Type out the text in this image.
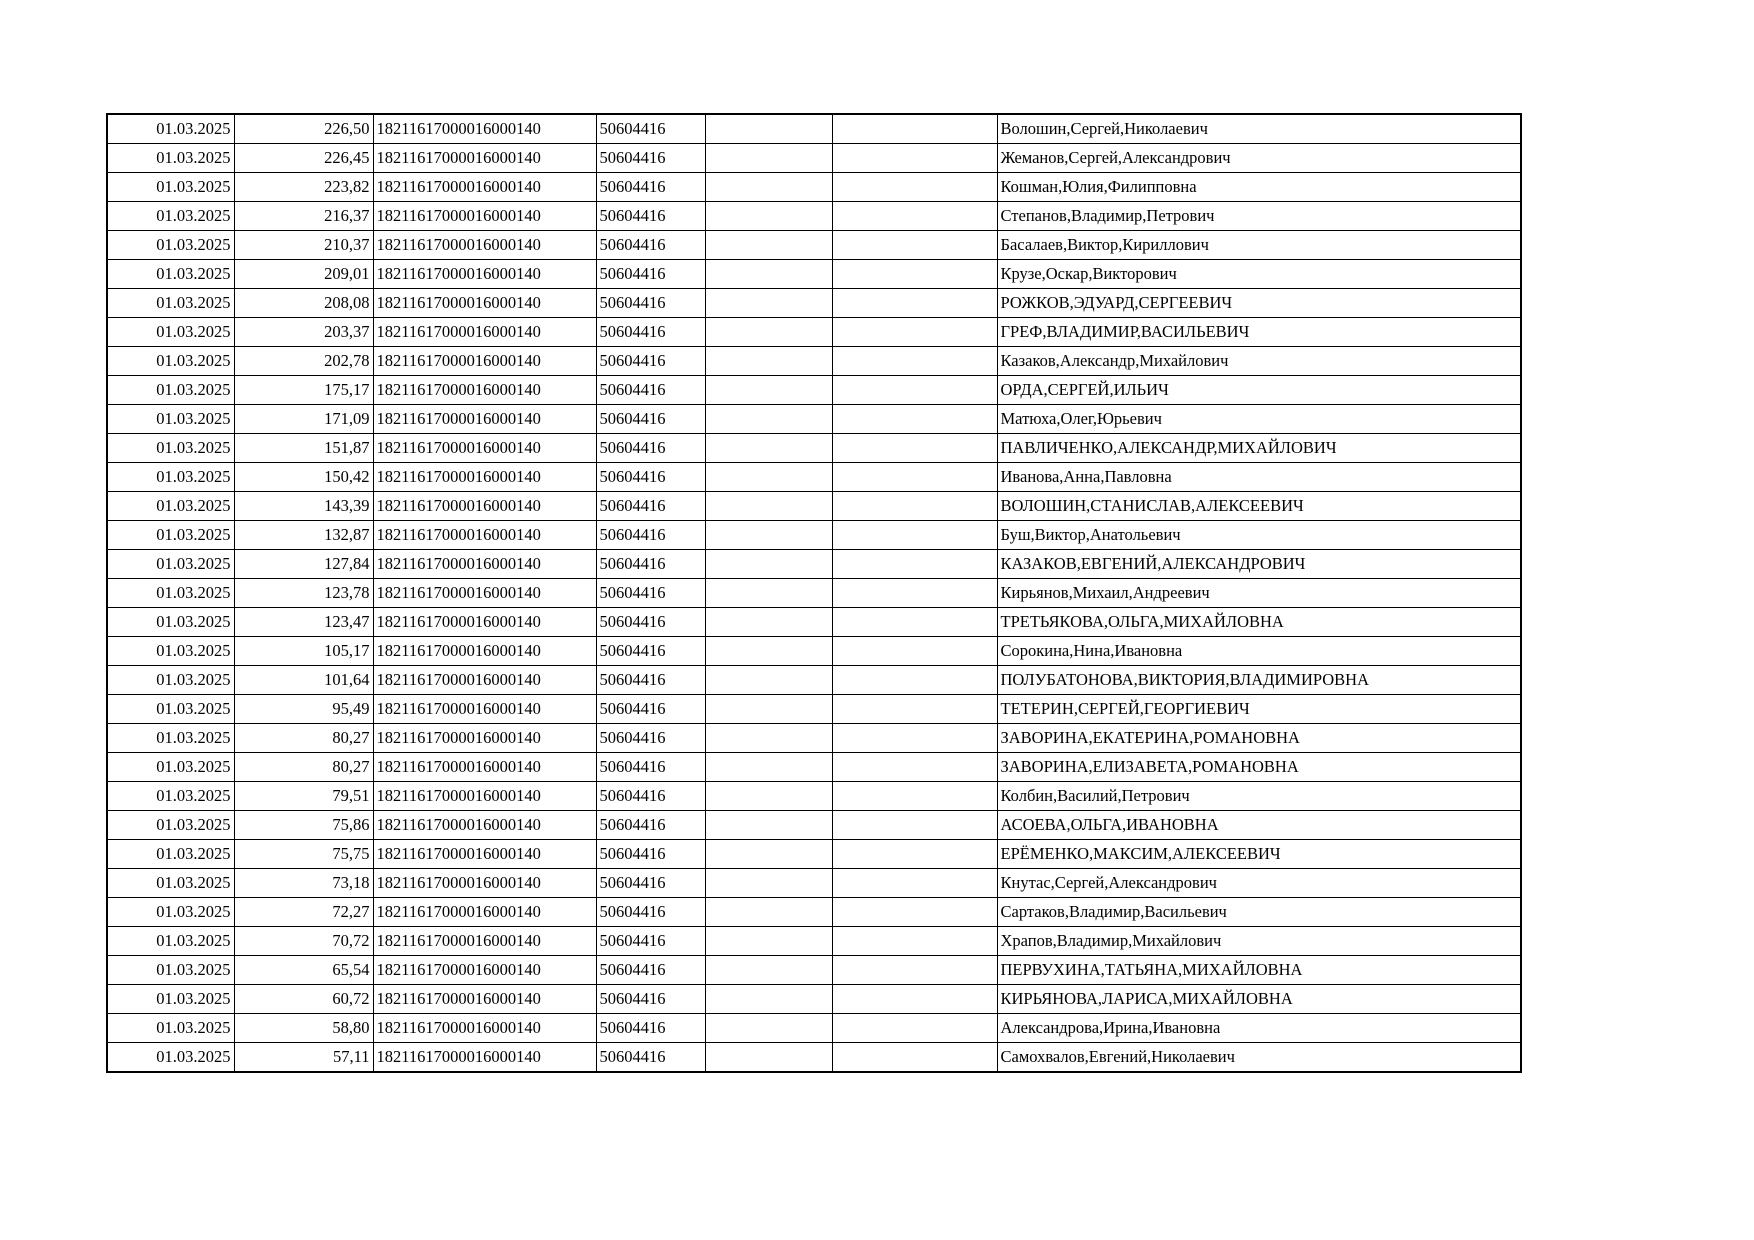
01.03.2025	226,50	18211617000016000140	50604416			Волошин,Сергей,Николаевич
01.03.2025	226,45	18211617000016000140	50604416			Жеманов,Сергей,Александрович
01.03.2025	223,82	18211617000016000140	50604416			Кошман,Юлия,Филипповна
01.03.2025	216,37	18211617000016000140	50604416			Степанов,Владимир,Петрович
01.03.2025	210,37	18211617000016000140	50604416			Басалаев,Виктор,Кириллович
01.03.2025	209,01	18211617000016000140	50604416			Крузе,Оскар,Викторович
01.03.2025	208,08	18211617000016000140	50604416			РОЖКОВ,ЭДУАРД,СЕРГЕЕВИЧ
01.03.2025	203,37	18211617000016000140	50604416			ГРЕФ,ВЛАДИМИР,ВАСИЛЬЕВИЧ
01.03.2025	202,78	18211617000016000140	50604416			Казаков,Александр,Михайлович
01.03.2025	175,17	18211617000016000140	50604416			ОРДА,СЕРГЕЙ,ИЛЬИЧ
01.03.2025	171,09	18211617000016000140	50604416			Матюха,Олег,Юрьевич
01.03.2025	151,87	18211617000016000140	50604416			ПАВЛИЧЕНКО,АЛЕКСАНДР,МИХАЙЛОВИЧ
01.03.2025	150,42	18211617000016000140	50604416			Иванова,Анна,Павловна
01.03.2025	143,39	18211617000016000140	50604416			ВОЛОШИН,СТАНИСЛАВ,АЛЕКСЕЕВИЧ
01.03.2025	132,87	18211617000016000140	50604416			Буш,Виктор,Анатольевич
01.03.2025	127,84	18211617000016000140	50604416			КАЗАКОВ,ЕВГЕНИЙ,АЛЕКСАНДРОВИЧ
01.03.2025	123,78	18211617000016000140	50604416			Кирьянов,Михаил,Андреевич
01.03.2025	123,47	18211617000016000140	50604416			ТРЕТЬЯКОВА,ОЛЬГА,МИХАЙЛОВНА
01.03.2025	105,17	18211617000016000140	50604416			Сорокина,Нина,Ивановна
01.03.2025	101,64	18211617000016000140	50604416			ПОЛУБАТОНОВА,ВИКТОРИЯ,ВЛАДИМИРОВНА
01.03.2025	95,49	18211617000016000140	50604416			ТЕТЕРИН,СЕРГЕЙ,ГЕОРГИЕВИЧ
01.03.2025	80,27	18211617000016000140	50604416			ЗАВОРИНА,ЕКАТЕРИНА,РОМАНОВНА
01.03.2025	80,27	18211617000016000140	50604416			ЗАВОРИНА,ЕЛИЗАВЕТА,РОМАНОВНА
01.03.2025	79,51	18211617000016000140	50604416			Колбин,Василий,Петрович
01.03.2025	75,86	18211617000016000140	50604416			АСОЕВА,ОЛЬГА,ИВАНОВНА
01.03.2025	75,75	18211617000016000140	50604416			ЕРЁМЕНКО,МАКСИМ,АЛЕКСЕЕВИЧ
01.03.2025	73,18	18211617000016000140	50604416			Кнутас,Сергей,Александрович
01.03.2025	72,27	18211617000016000140	50604416			Сартаков,Владимир,Васильевич
01.03.2025	70,72	18211617000016000140	50604416			Храпов,Владимир,Михайлович
01.03.2025	65,54	18211617000016000140	50604416			ПЕРВУХИНА,ТАТЬЯНА,МИХАЙЛОВНА
01.03.2025	60,72	18211617000016000140	50604416			КИРЬЯНОВА,ЛАРИСА,МИХАЙЛОВНА
01.03.2025	58,80	18211617000016000140	50604416			Александрова,Ирина,Ивановна
01.03.2025	57,11	18211617000016000140	50604416			Самохвалов,Евгений,Николаевич
